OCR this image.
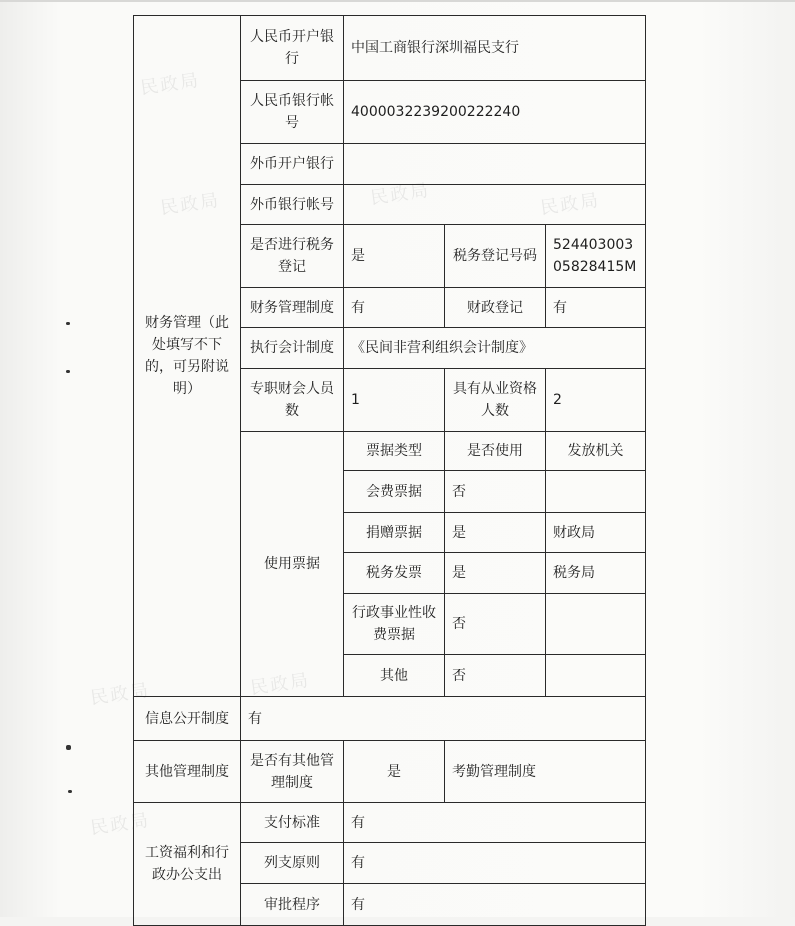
民政局
民政局	民政局	民政局
民政局
民政局
民政局
财务管理（此处填写不下的，可另附说明）	人民币开户银行	中国工商银行深圳福民支行		
	人民币银行帐号	4000032239200222240		
	外币开户银行			
	外币银行帐号			
	是否进行税务登记	是	税务登记号码	52440300305828415M
	财务管理制度	有	财政登记	有
	执行会计制度	《民间非营利组织会计制度》		
	专职财会人员数	1	具有从业资格人数	2
	使用票据	票据类型	是否使用	发放机关
		会费票据	否	
		捐赠票据	是	财政局
		税务发票	是	税务局
		行政事业性收费票据	否	
		其他	否	
信息公开制度	有			
其他管理制度	是否有其他管理制度	是	考勤管理制度	
工资福利和行政办公支出	支付标准	有		
	列支原则	有		
	审批程序	有		
